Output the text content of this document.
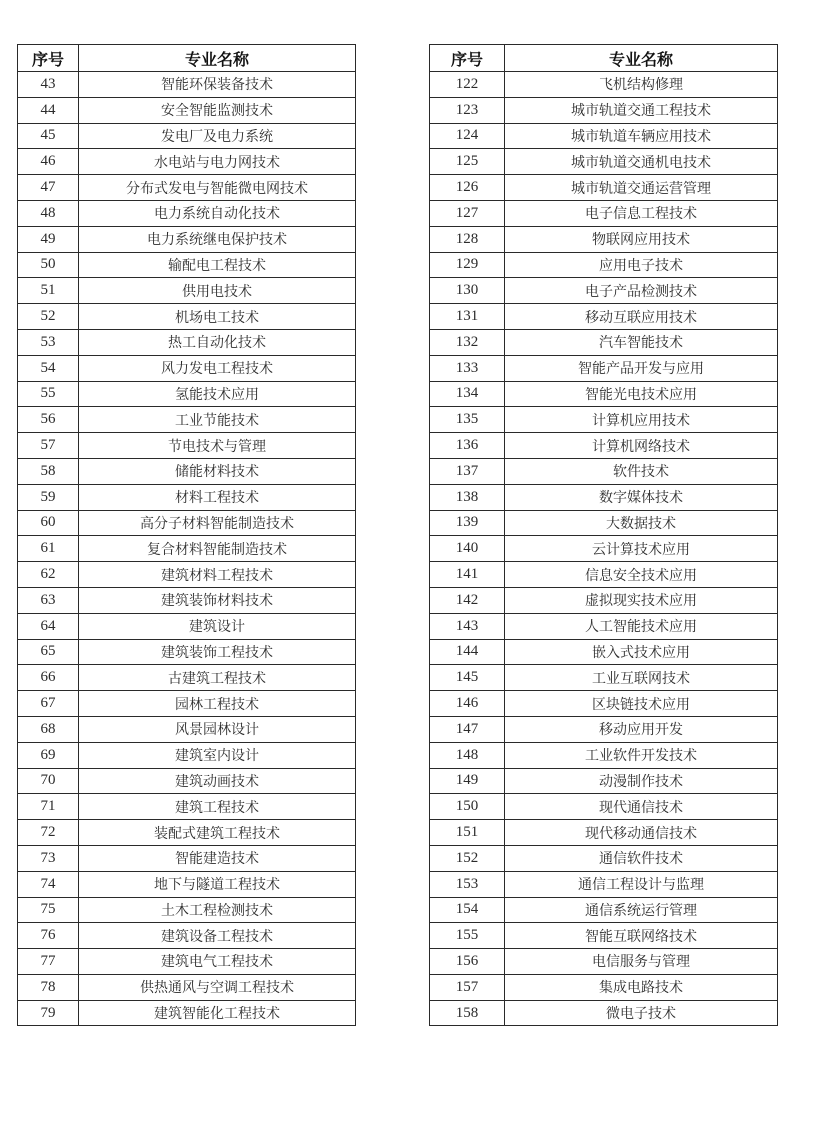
序号	专业名称
43	智能环保装备技术
44	安全智能监测技术
45	发电厂及电力系统
46	水电站与电力网技术
47	分布式发电与智能微电网技术
48	电力系统自动化技术
49	电力系统继电保护技术
50	输配电工程技术
51	供用电技术
52	机场电工技术
53	热工自动化技术
54	风力发电工程技术
55	氢能技术应用
56	工业节能技术
57	节电技术与管理
58	储能材料技术
59	材料工程技术
60	高分子材料智能制造技术
61	复合材料智能制造技术
62	建筑材料工程技术
63	建筑装饰材料技术
64	建筑设计
65	建筑装饰工程技术
66	古建筑工程技术
67	园林工程技术
68	风景园林设计
69	建筑室内设计
70	建筑动画技术
71	建筑工程技术
72	装配式建筑工程技术
73	智能建造技术
74	地下与隧道工程技术
75	土木工程检测技术
76	建筑设备工程技术
77	建筑电气工程技术
78	供热通风与空调工程技术
79	建筑智能化工程技术
序号	专业名称
122	飞机结构修理
123	城市轨道交通工程技术
124	城市轨道车辆应用技术
125	城市轨道交通机电技术
126	城市轨道交通运营管理
127	电子信息工程技术
128	物联网应用技术
129	应用电子技术
130	电子产品检测技术
131	移动互联应用技术
132	汽车智能技术
133	智能产品开发与应用
134	智能光电技术应用
135	计算机应用技术
136	计算机网络技术
137	软件技术
138	数字媒体技术
139	大数据技术
140	云计算技术应用
141	信息安全技术应用
142	虚拟现实技术应用
143	人工智能技术应用
144	嵌入式技术应用
145	工业互联网技术
146	区块链技术应用
147	移动应用开发
148	工业软件开发技术
149	动漫制作技术
150	现代通信技术
151	现代移动通信技术
152	通信软件技术
153	通信工程设计与监理
154	通信系统运行管理
155	智能互联网络技术
156	电信服务与管理
157	集成电路技术
158	微电子技术
